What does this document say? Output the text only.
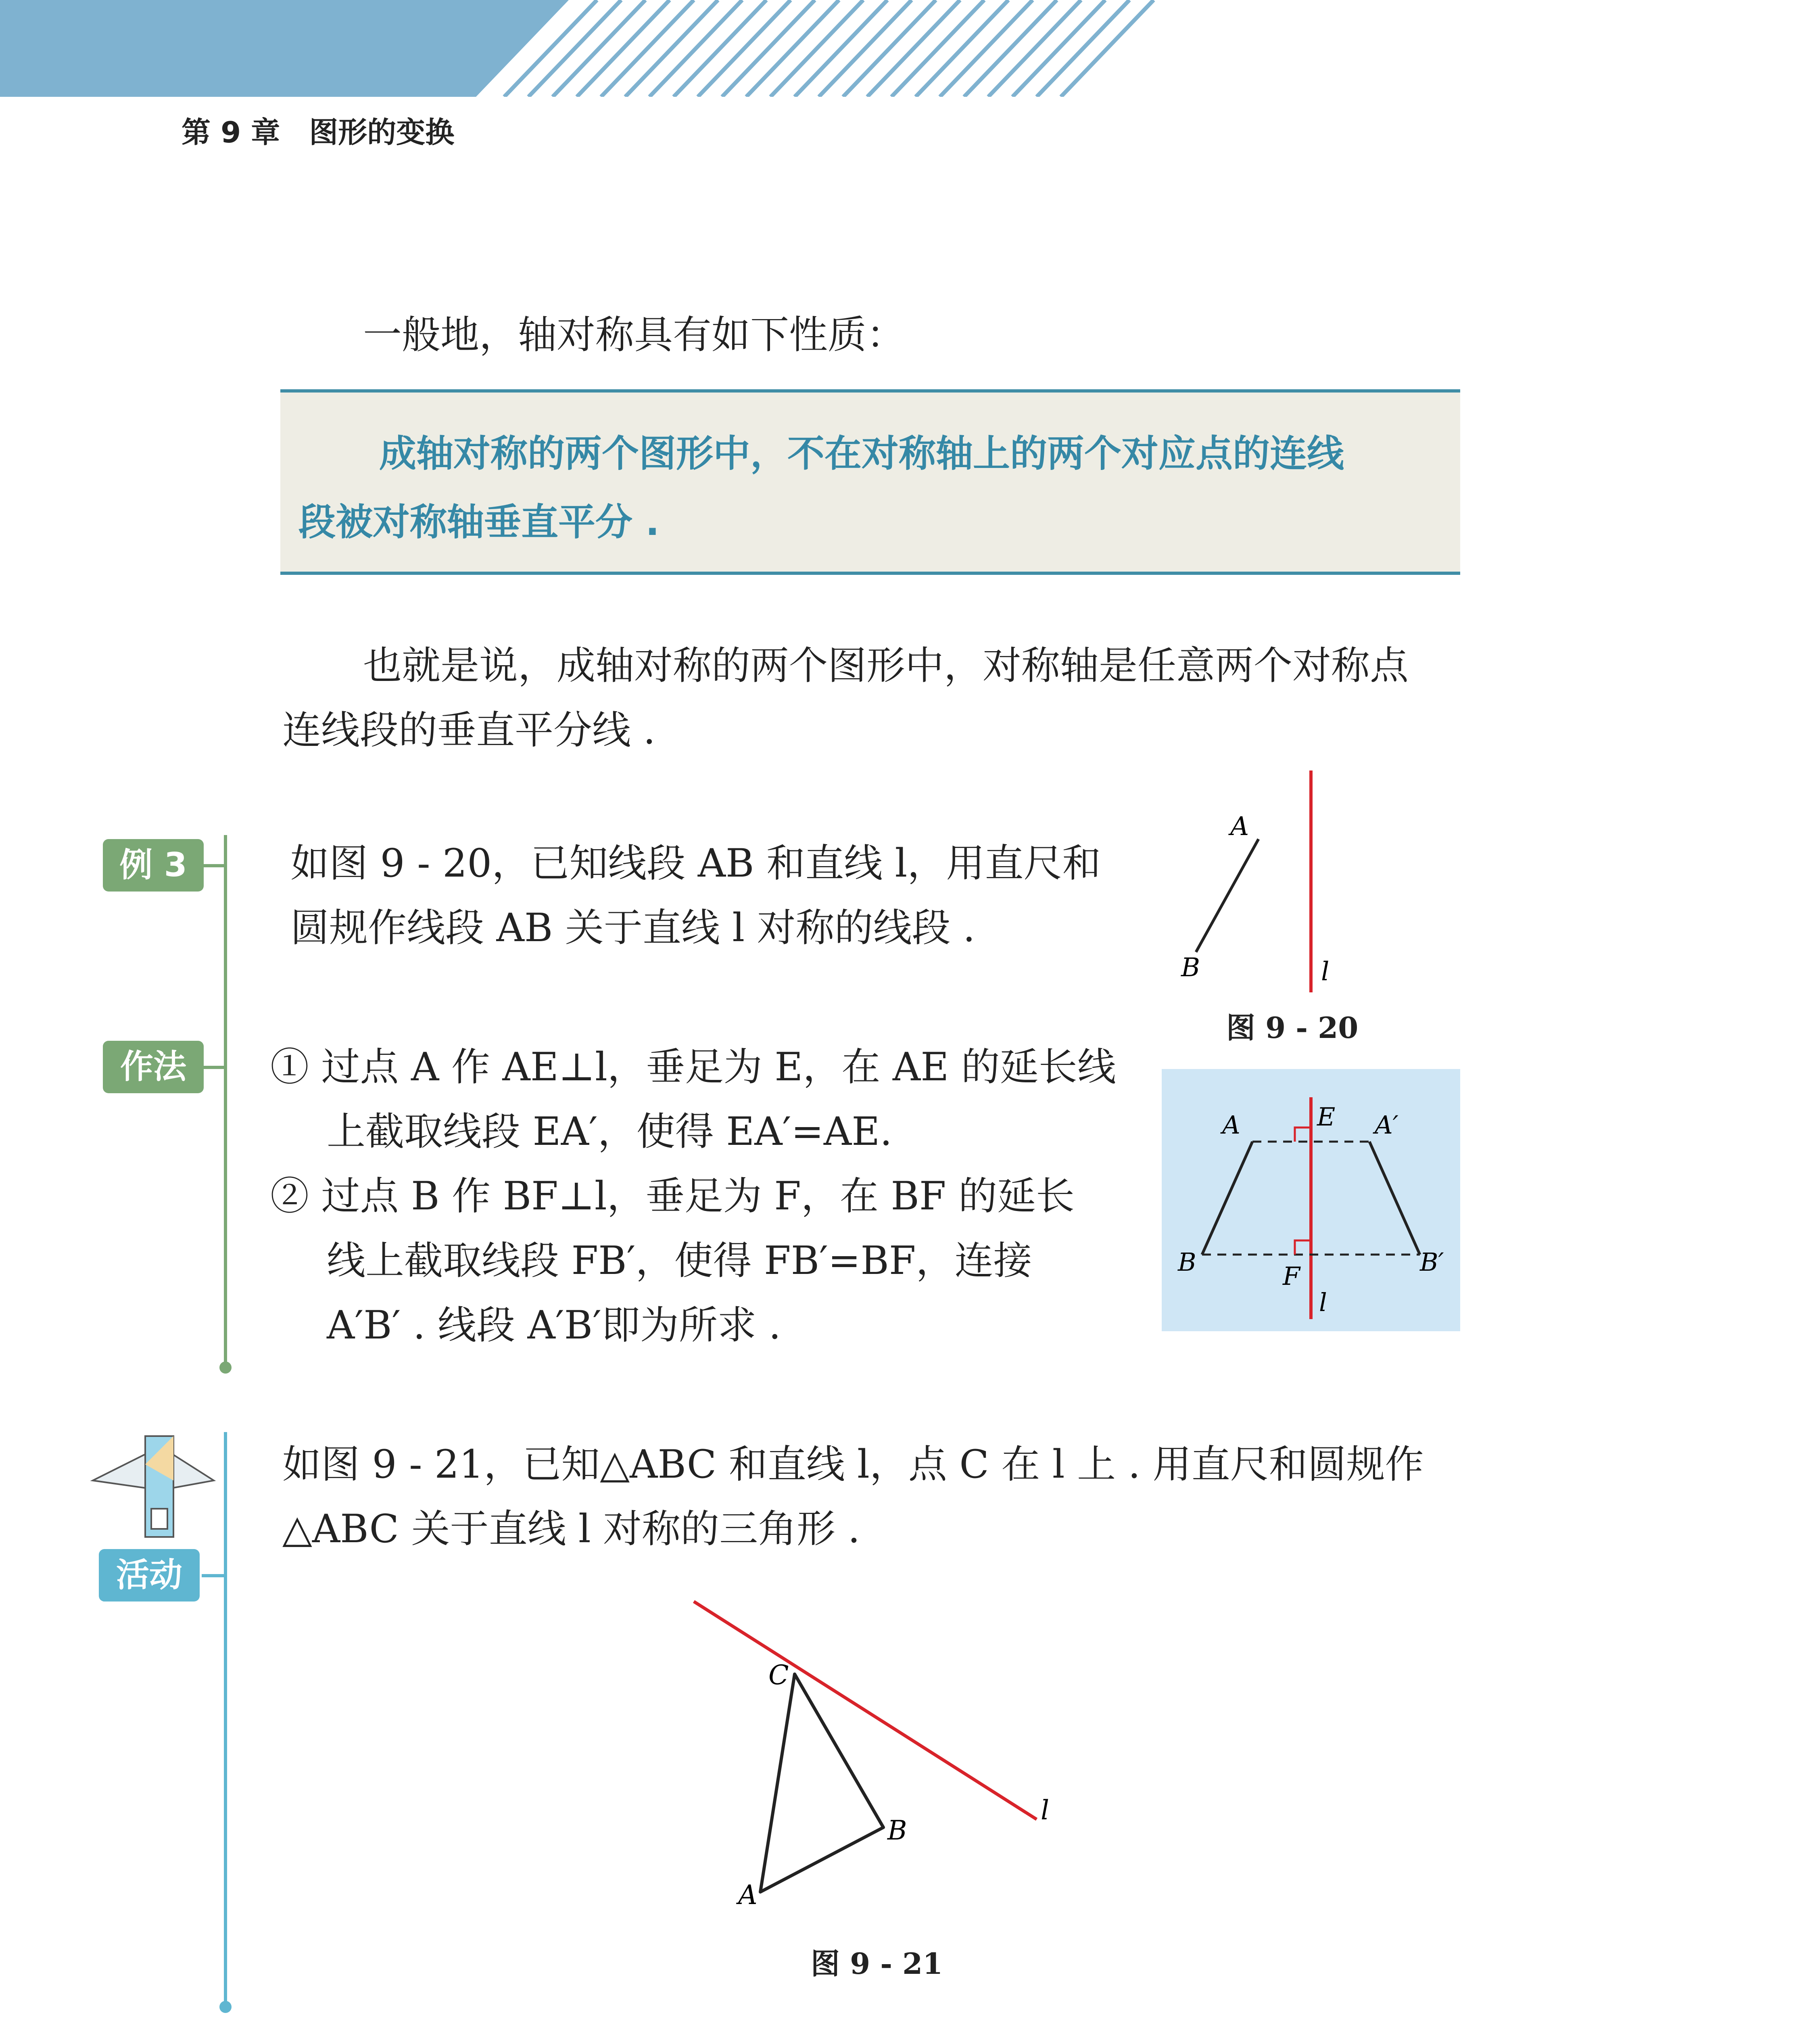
第 9 章　图形的变换
一般地，轴对称具有如下性质：
成轴对称的两个图形中，不在对称轴上的两个对应点的连线
段被对称轴垂直平分 .
也就是说，成轴对称的两个图形中，对称轴是任意两个对称点
连线段的垂直平分线 .
例 3
作法
如图 9 - 20，已知线段 AB 和直线 l，用直尺和
圆规作线段 AB 关于直线 l 对称的线段 .
① 过点 A 作 AE⊥l，垂足为 E，在 AE 的延长线
上截取线段 EA′，使得 EA′=AE.
② 过点 B 作 BF⊥l，垂足为 F，在 BF 的延长
线上截取线段 FB′，使得 FB′=BF，连接
A′B′ . 线段 A′B′即为所求 .
A
B	l
图 9 - 20
A	E A′
B	F	B′
l
活动
如图 9 - 21，已知△ABC 和直线 l，点 C 在 l 上 . 用直尺和圆规作
△ABC 关于直线 l 对称的三角形 .
C
B
A
l
图 9 - 21
